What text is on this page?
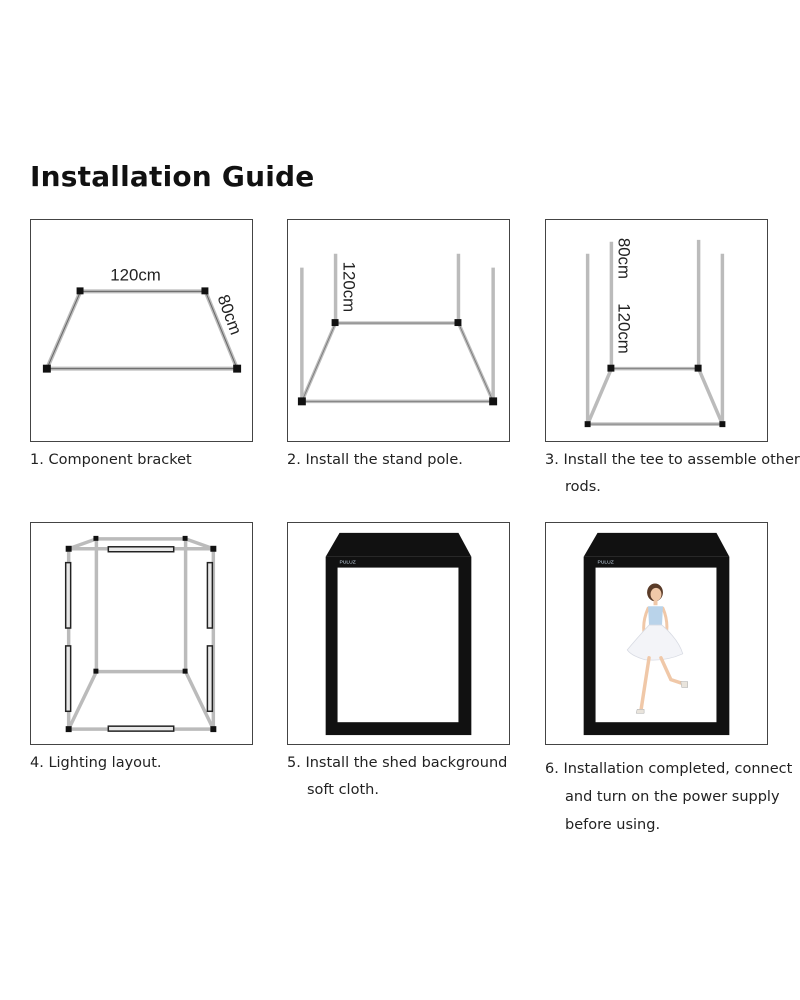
Installation Guide
120cm
80cm
120cm
80cm
120cm
PULUZ	PULUZ
1. Component bracket	2. Install the stand pole.	3. Install the tee to assemble other
rods.
4. Lighting layout.	5. Install the shed background
soft cloth.
6. Installation completed, connect
and turn on the power supply
before using.
